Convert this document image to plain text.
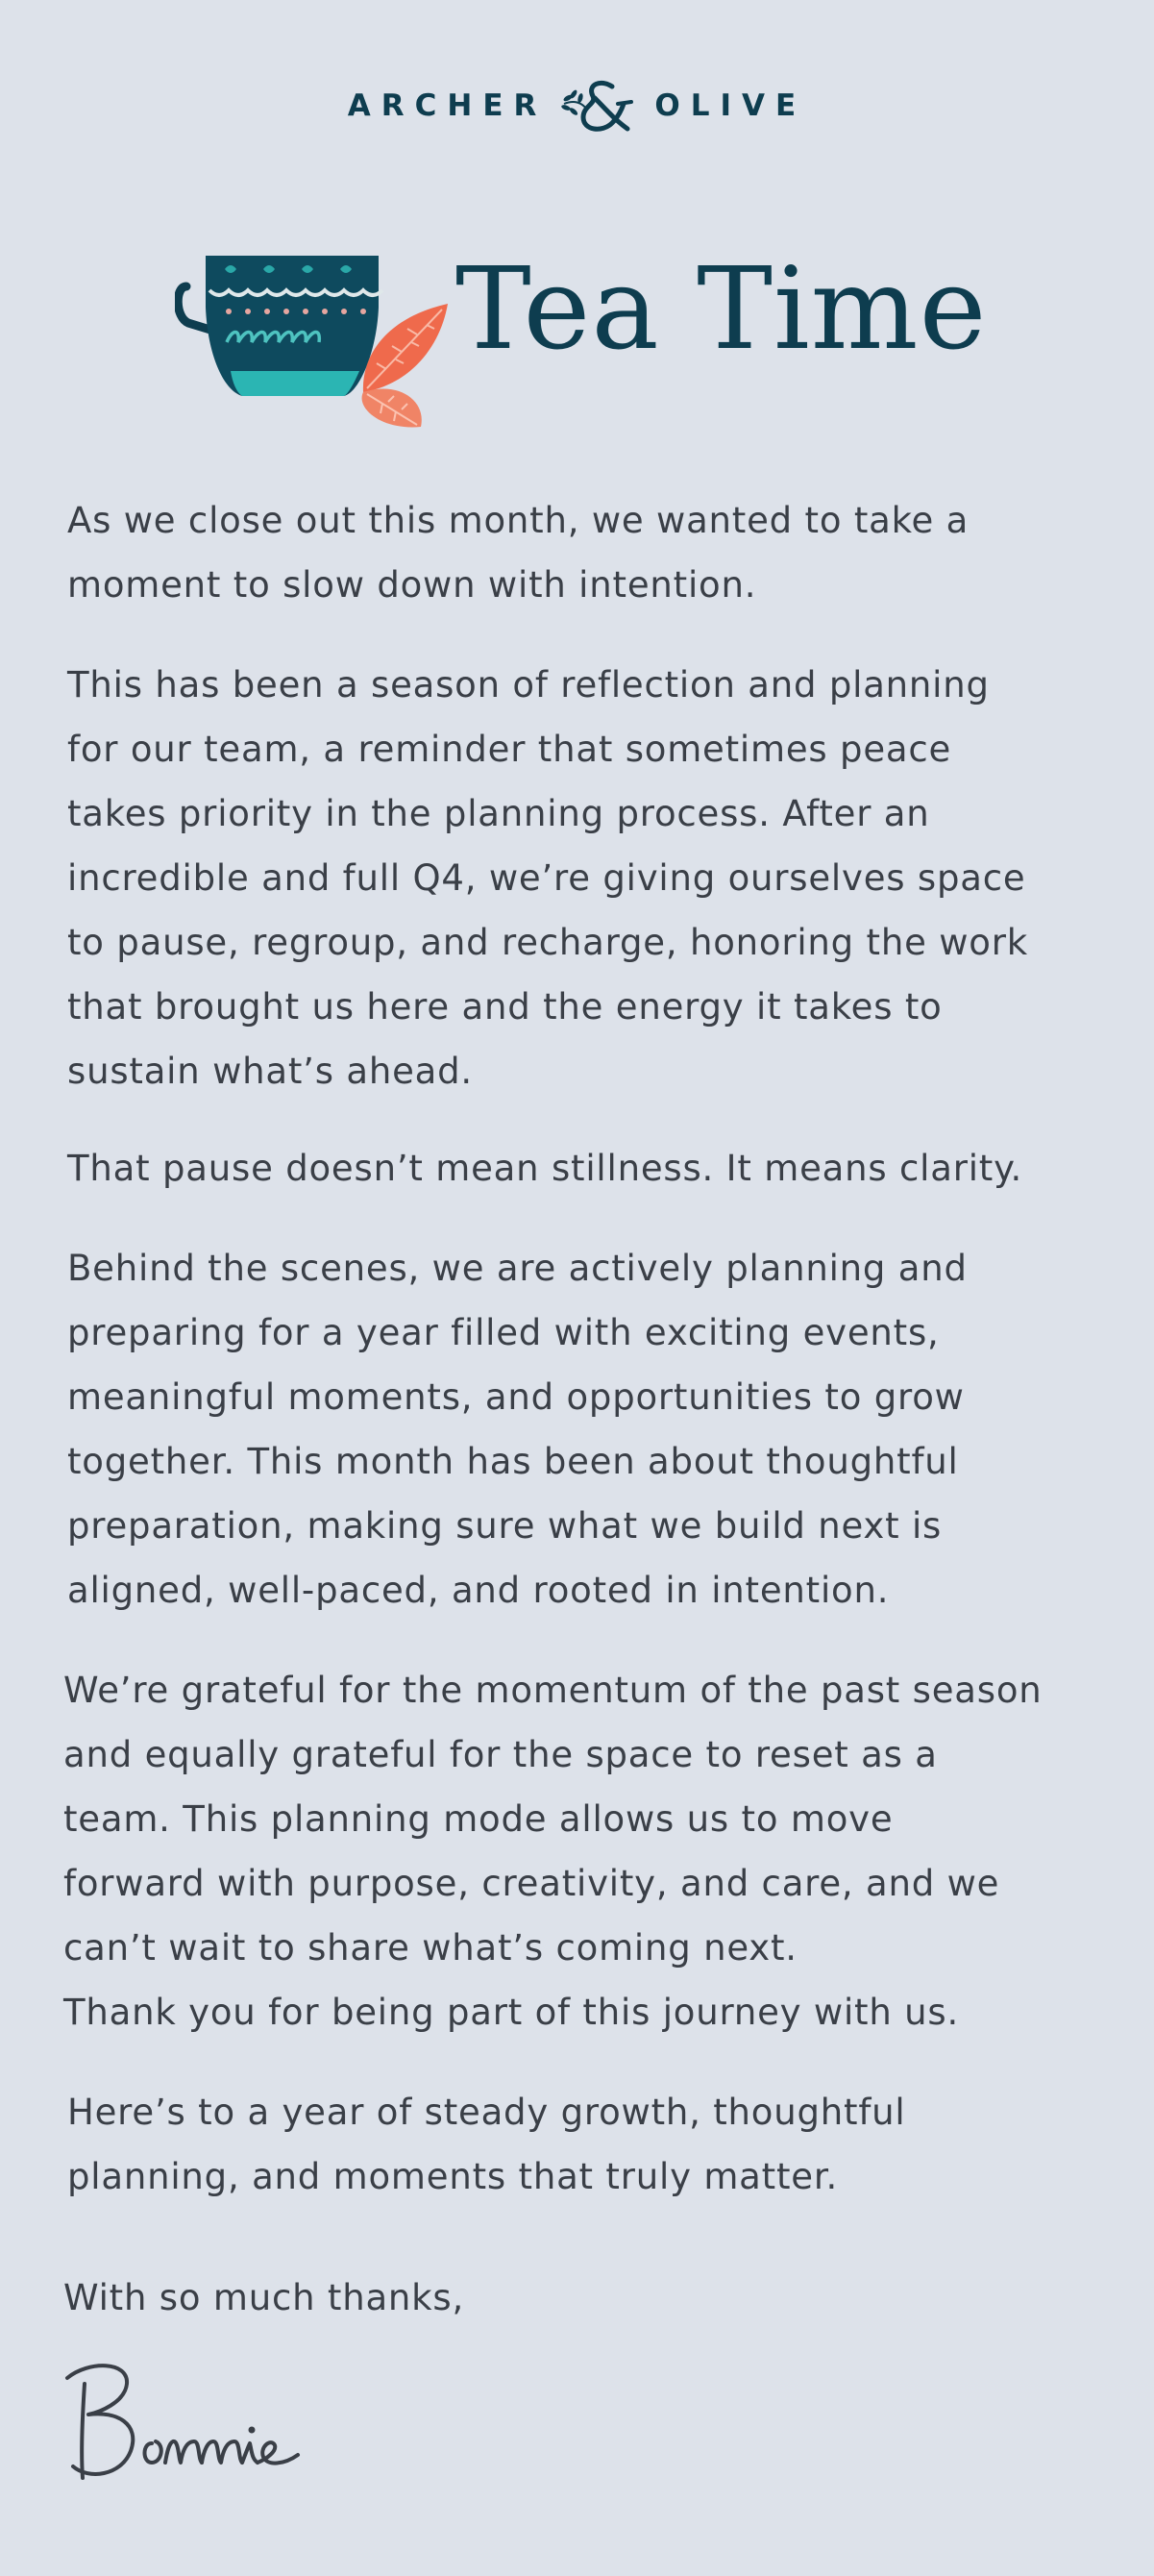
ARCHER	OLIVE
Tea Time

As we close out this month, we wanted to take a
moment to slow down with intention.

This has been a season of reflection and planning
for our team, a reminder that sometimes peace
takes priority in the planning process. After an
incredible and full Q4, we’re giving ourselves space
to pause, regroup, and recharge, honoring the work
that brought us here and the energy it takes to
sustain what’s ahead.

That pause doesn’t mean stillness. It means clarity.

Behind the scenes, we are actively planning and
preparing for a year filled with exciting events,
meaningful moments, and opportunities to grow
together. This month has been about thoughtful
preparation, making sure what we build next is
aligned, well-paced, and rooted in intention.

We’re grateful for the momentum of the past season
and equally grateful for the space to reset as a
team. This planning mode allows us to move
forward with purpose, creativity, and care, and we
can’t wait to share what’s coming next.
Thank you for being part of this journey with us.

Here’s to a year of steady growth, thoughtful
planning, and moments that truly matter.

With so much thanks,
